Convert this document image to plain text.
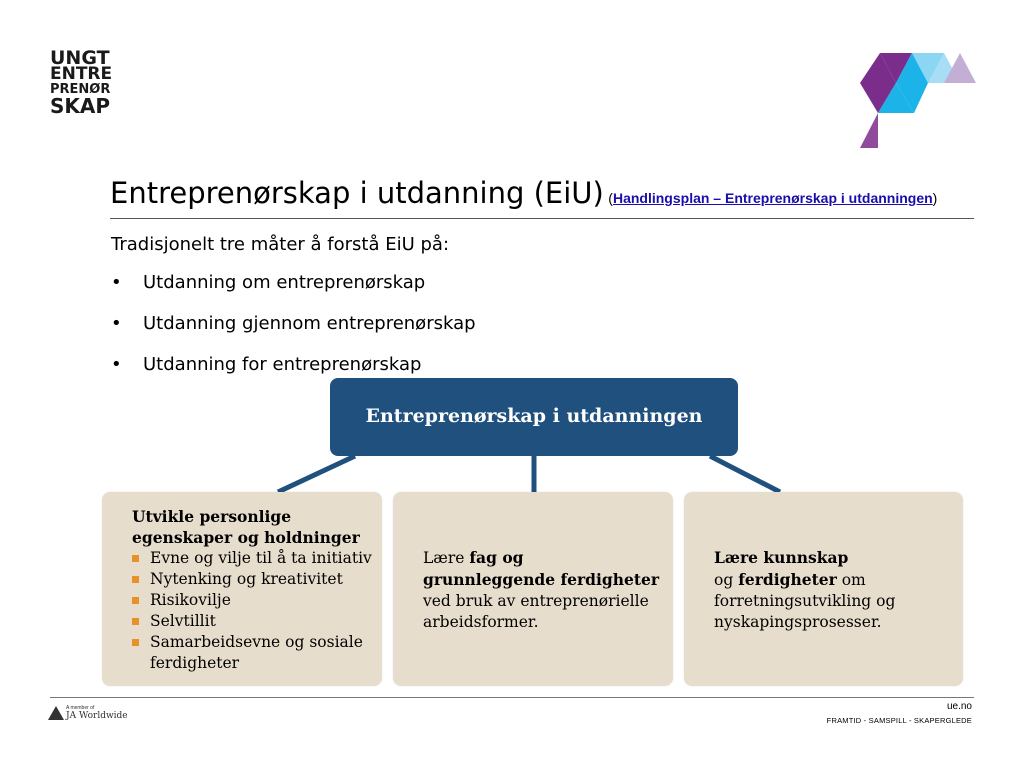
UNGT
ENTRE
PRENØR
SKAP
Entreprenørskap i utdanning (EiU) (Handlingsplan – Entreprenørskap i utdanningen)
Tradisjonelt tre måter å forstå EiU på:
•	Utdanning om entreprenørskap
•	Utdanning gjennom entreprenørskap
•	Utdanning for entreprenørskap
Entreprenørskap i utdanningen
Utvikle personlige
egenskaper og holdninger
Evne og vilje til å ta initiativ
Nytenking og kreativitet
Risikovilje
Selvtillit
Samarbeidsevne og sosiale ferdigheter
Lære fag og
grunnleggende ferdigheter
ved bruk av entreprenørielle arbeidsformer.
Lære kunnskap
og ferdigheter om
forretningsutvikling og nyskapingsprosesser.
A member of
JA Worldwide
ue.no
FRAMTID - SAMSPILL - SKAPERGLEDE
